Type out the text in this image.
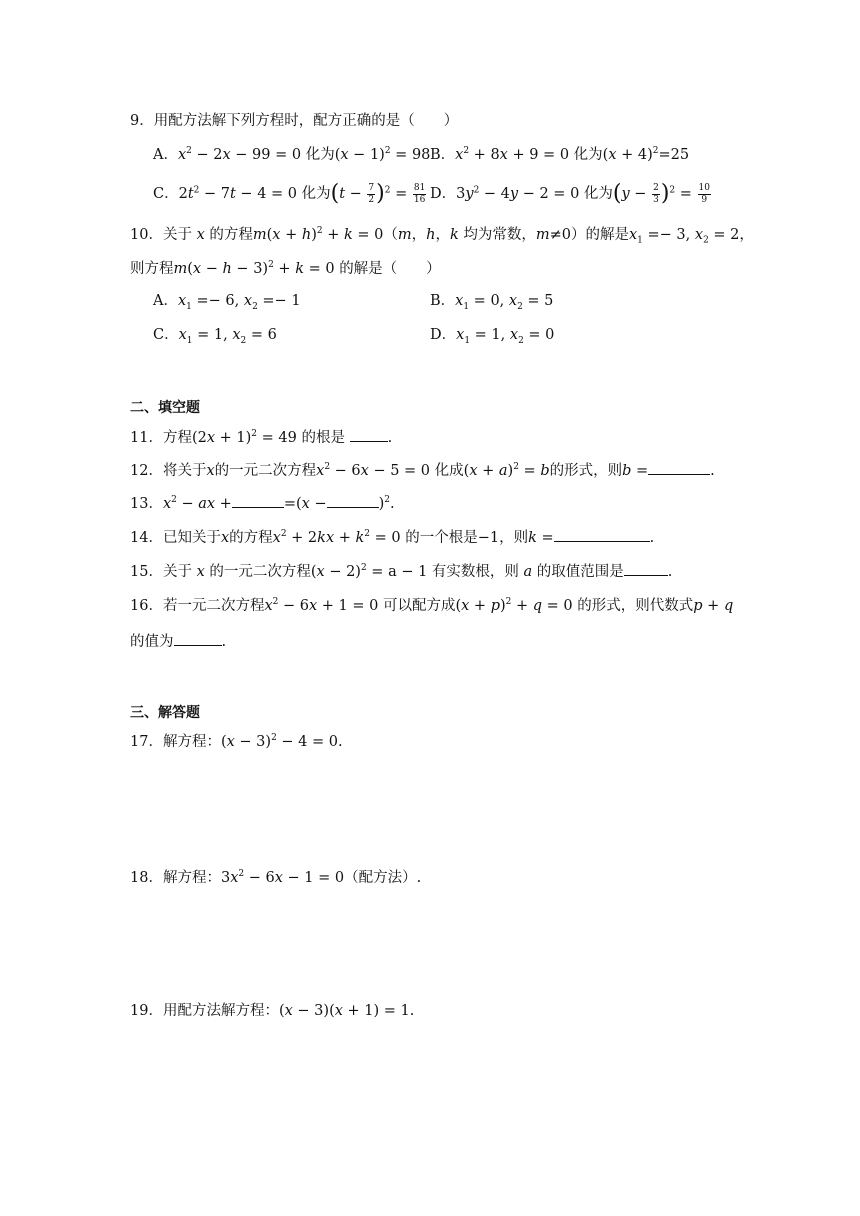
9．用配方法解下列方程时，配方正确的是（　　）
A．$x^2 - 2x - 99 = 0$ 化为$(x - 1)^2 = 98$ B．$x^2 + 8x + 9 = 0$ 化为$(x + 4)^2=25$
C．$2t^2 - 7t - 4 = 0$ 化为$(t - \frac{7}{2} )^2 = \frac{81}{16}$ D．$3y^2 - 4y - 2 = 0$ 化为$(y - \frac{2}{3} )^2 = \frac{10}{9}$
10．关于 x 的方程$m(x + h)^2 + k = 0(m$，h，k 均为常数，m≠0）的解是$x_1 =- 3$, $x_2 = 2$，
则方程$m(x - h - 3)^2 + k = 0$ 的解是（　　）
A．$x_1 =- 6$, $x_2 =- 1$	B．$x_1 = 0$, $x_2 = 5$
C．$x_1 = 1$, $x_2 = 6$	D．$x_1 = 1$, $x_2 = 0$
二、填空题
11．方程$(2x + 1)^2 = 49$ 的根是	.
12．将关于x的一元二次方程$x^2 - 6x - 5 = 0$ 化成$(x + a)^2 = b$的形式，则b =	.
13．$x^2$ − ax +	=(x −	)$^2$.
14．已知关于x的方程$x^2 + 2kx + k^2 = 0$ 的一个根是−1，则k =	.
15．关于 x 的一元二次方程$(x - 2)^2 = a - 1$ 有实数根，则 a 的取值范围是	.
16．若一元二次方程$x^2 - 6x + 1 = 0$ 可以配方成$(x + p)^2 + q = 0$ 的形式，则代数式p + q
的值为	.
三、解答题
17．解方程：$(x - 3)^2 - 4 = 0$.
18．解方程：$3x^2 - 6x - 1 = 0$（配方法）.
19．用配方法解方程：(x − 3)(x + 1) = 1.
